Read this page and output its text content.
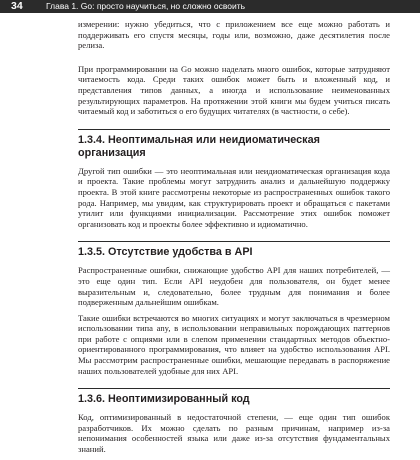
34	Глава 1. Go: просто научиться, но сложно освоить

измерении: нужно убедиться, что с приложением все еще можно работать и поддерживать его спустя месяцы, годы или, возможно, даже десятилетия после релиза.

При программировании на Go можно наделать много ошибок, которые затрудняют читаемость кода. Среди таких ошибок может быть и вложенный код, и представления типов данных, а иногда и использование неименованных результирующих параметров. На протяжении этой книги мы будем учиться писать читаемый код и заботиться о его будущих читателях (в частности, о себе).

1.3.4. Неоптимальная или неидиоматическая организация

Другой тип ошибки — это неоптимальная или неидиоматическая организация кода и проекта. Такие проблемы могут затруднить анализ и дальнейшую поддержку проекта. В этой книге рассмотрены некоторые из распространенных ошибок такого рода. Например, мы увидим, как структурировать проект и обращаться с пакетами утилит или функциями инициализации. Рассмотрение этих ошибок поможет организовать код и проекты более эффективно и идиоматично.

1.3.5. Отсутствие удобства в API

Распространенные ошибки, снижающие удобство API для наших потребителей, — это еще один тип. Если API неудобен для пользователя, он будет менее выразительным и, следовательно, более трудным для понимания и более подверженным дальнейшим ошибкам.

Такие ошибки встречаются во многих ситуациях и могут заключаться в чрезмерном использовании типа any, в использовании неправильных порождающих паттернов при работе с опциями или в слепом применении стандартных методов объектно-ориентированного программирования, что влияет на удобство использования API. Мы рассмотрим распространенные ошибки, мешающие передавать в распоряжение наших пользователей удобные для них API.

1.3.6. Неоптимизированный код

Код, оптимизированный в недостаточной степени, — еще один тип ошибок разработчиков. Их можно сделать по разным причинам, например из-за непонимания особенностей языка или даже из-за отсутствия фундаментальных знаний.
